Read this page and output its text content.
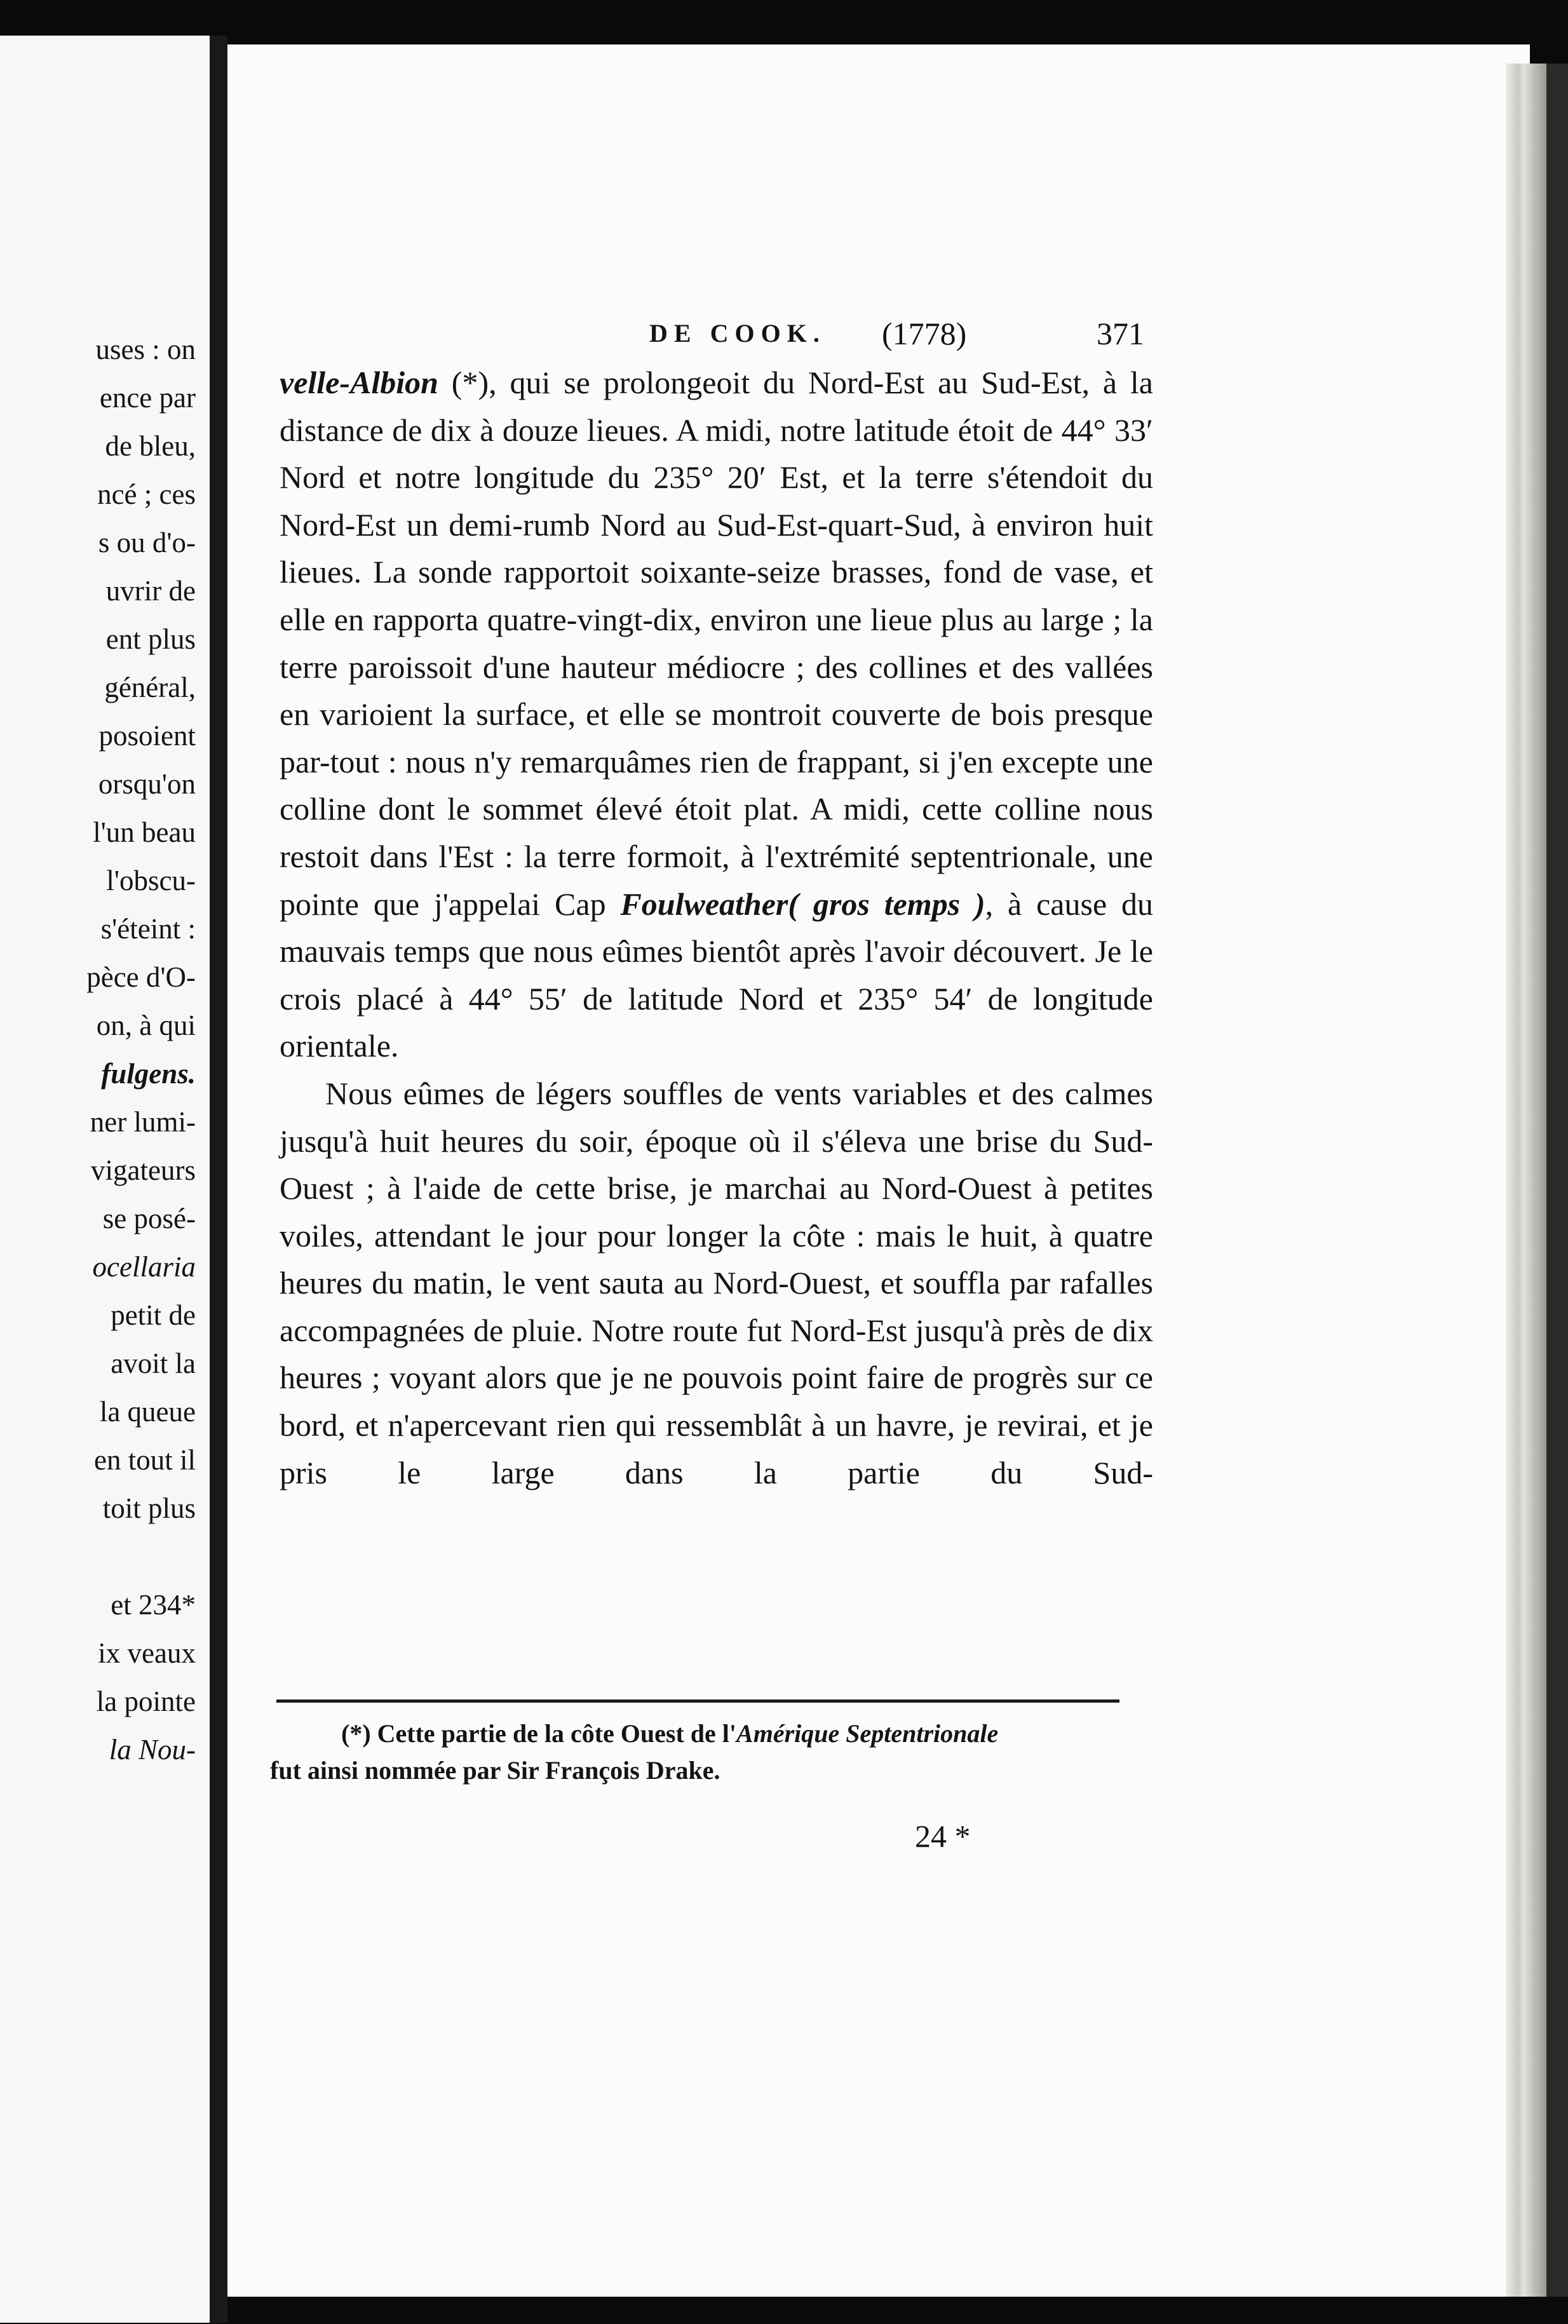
uses : on
ence par
de bleu,
ncé ; ces
s ou d'o-
uvrir de
ent plus
général,
posoient
orsqu'on
l'un beau
l'obscu-
s'éteint :
pèce d'O-
on, à qui
fulgens.
ner lumi-
vigateurs
se posé-
ocellaria
petit de
avoit la
la queue
en tout il
toit plus
et 234*
ix veaux
la pointe
la Nou-
DE COOK. (1778)	371

velle-Albion (*), qui se prolongeoit du Nord-Est au Sud-Est, à la distance de dix à douze lieues. A midi, notre latitude étoit de 44° 33′ Nord et notre longitude du 235° 20′ Est, et la terre s'étendoit du Nord-Est un demi-rumb Nord au Sud-Est-quart-Sud, à environ huit lieues. La sonde rapportoit soixante-seize brasses, fond de vase, et elle en rapporta quatre-vingt-dix, environ une lieue plus au large ; la terre paroissoit d'une hauteur médiocre ; des collines et des vallées en varioient la surface, et elle se montroit couverte de bois presque par-tout : nous n'y remarquâmes rien de frappant, si j'en excepte une colline dont le sommet élevé étoit plat. A midi, cette colline nous restoit dans l'Est : la terre formoit, à l'extrémité septentrionale, une pointe que j'appelai Cap Foulweather( gros temps ), à cause du mauvais temps que nous eûmes bientôt après l'avoir découvert. Je le crois placé à 44° 55′ de latitude Nord et 235° 54′ de longitude orientale.

Nous eûmes de légers souffles de vents variables et des calmes jusqu'à huit heures du soir, époque où il s'éleva une brise du Sud-Ouest ; à l'aide de cette brise, je marchai au Nord-Ouest à petites voiles, attendant le jour pour longer la côte : mais le huit, à quatre heures du matin, le vent sauta au Nord-Ouest, et souffla par rafalles accompagnées de pluie. Notre route fut Nord-Est jusqu'à près de dix heures ; voyant alors que je ne pouvois point faire de progrès sur ce bord, et n'apercevant rien qui ressemblât à un havre, je revirai, et je pris le large dans la partie du Sud-

(*) Cette partie de la côte Ouest de l'Amérique Septentrionale

fut ainsi nommée par Sir François Drake.

24 *
